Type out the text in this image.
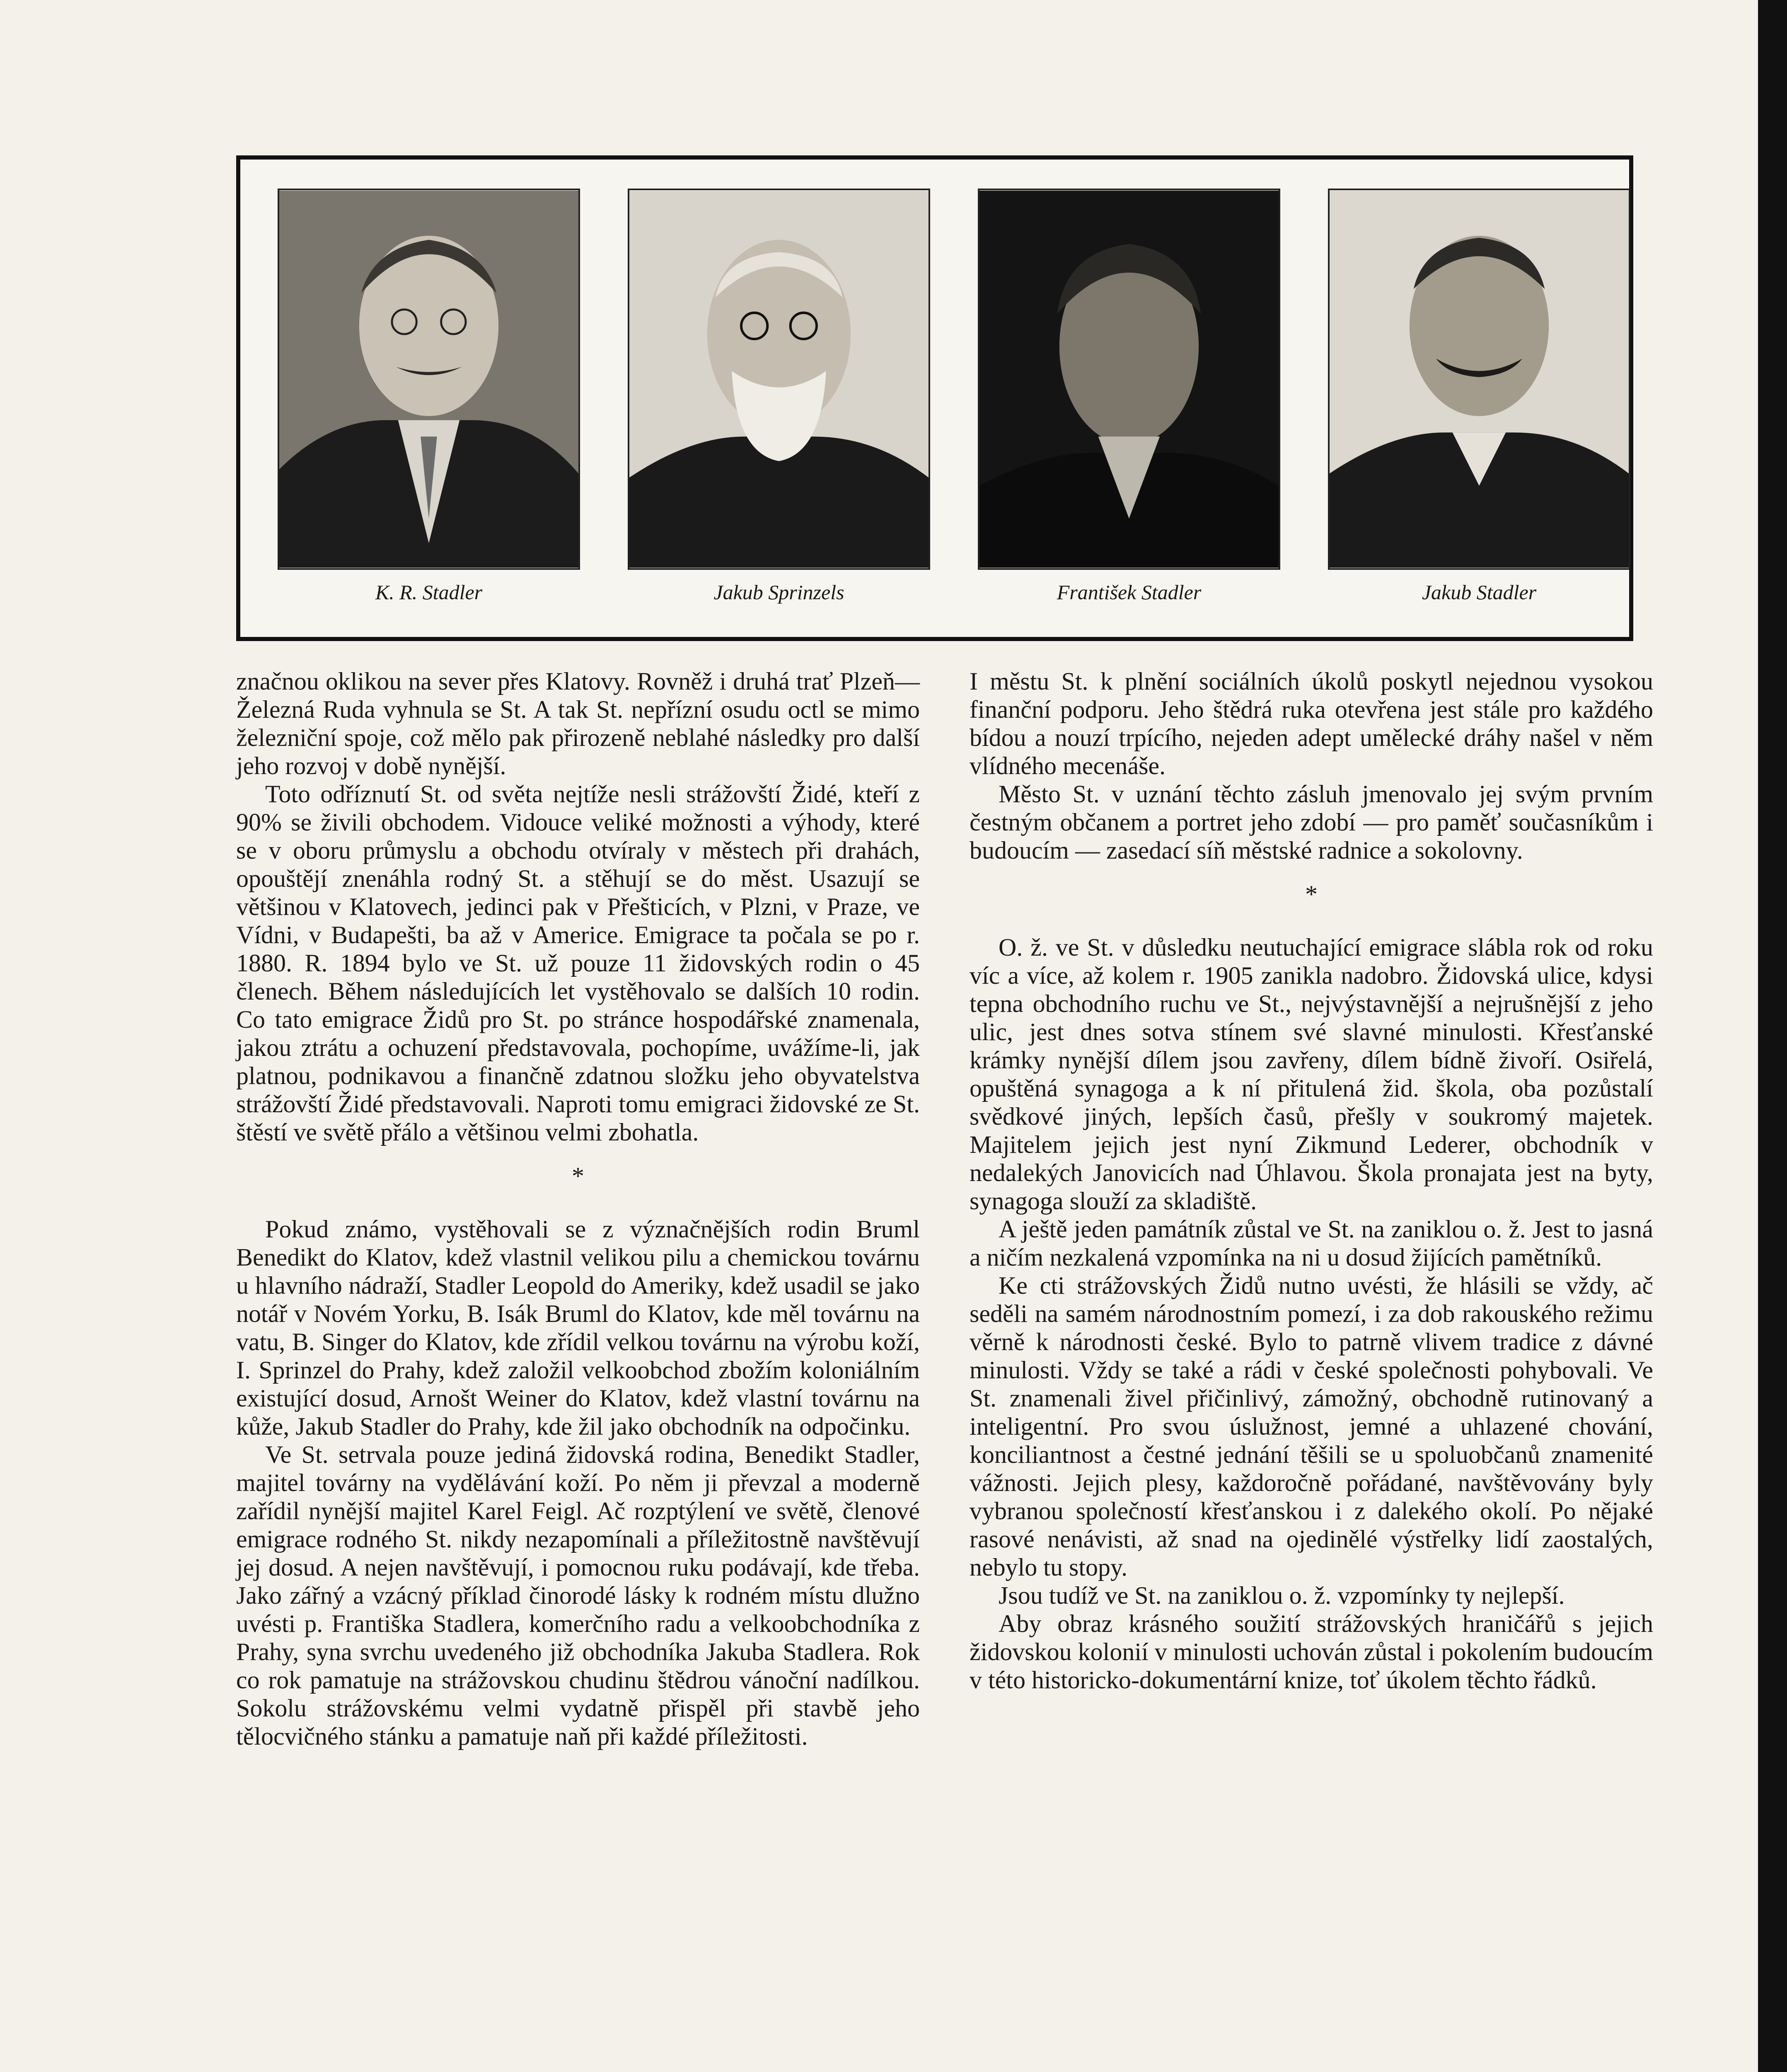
K. R. Stadler	Jakub Sprinzels	František Stadler	Jakub Stadler

značnou oklikou na sever přes Klatovy. Rovněž i druhá trať Plzeň—Železná Ruda vyhnula se St. A tak St. nepřízní osudu octl se mimo železniční spoje, což mělo pak přirozeně neblahé následky pro další jeho rozvoj v době nynější.

Toto odříznutí St. od světa nejtíže nesli strážovští Židé, kteří z 90% se živili obchodem. Vidouce veliké možnosti a výhody, které se v oboru průmyslu a obchodu otvíraly v městech při drahách, opouštějí znenáhla rodný St. a stěhují se do měst. Usazují se většinou v Klatovech, jedinci pak v Přešticích, v Plzni, v Praze, ve Vídni, v Budapešti, ba až v Americe. Emigrace ta počala se po r. 1880. R. 1894 bylo ve St. už pouze 11 židovských rodin o 45 členech. Během následujících let vystěhovalo se dalších 10 rodin. Co tato emigrace Židů pro St. po stránce hospodářské znamenala, jakou ztrátu a ochuzení představovala, pochopíme, uvážíme-li, jak platnou, podnikavou a finančně zdatnou složku jeho obyvatelstva strážovští Židé představovali. Naproti tomu emigraci židovské ze St. štěstí ve světě přálo a většinou velmi zbohatla.

*

Pokud známo, vystěhovali se z význačnějších rodin Bruml Benedikt do Klatov, kdež vlastnil velikou pilu a chemickou továrnu u hlavního nádraží, Stadler Leopold do Ameriky, kdež usadil se jako notář v Novém Yorku, B. Isák Bruml do Klatov, kde měl továrnu na vatu, B. Singer do Klatov, kde zřídil velkou továrnu na výrobu koží, I. Sprinzel do Prahy, kdež založil velkoobchod zbožím koloniálním existující dosud, Arnošt Weiner do Klatov, kdež vlastní továrnu na kůže, Jakub Stadler do Prahy, kde žil jako obchodník na odpočinku.

Ve St. setrvala pouze jediná židovská rodina, Benedikt Stadler, majitel továrny na vydělávání koží. Po něm ji převzal a moderně zařídil nynější majitel Karel Feigl. Ač rozptýlení ve světě, členové emigrace rodného St. nikdy nezapomínali a příležitostně navštěvují jej dosud. A nejen navštěvují, i pomocnou ruku podávají, kde třeba. Jako zářný a vzácný příklad činorodé lásky k rodném místu dlužno uvésti p. Františka Stadlera, komerčního radu a velkoobchodníka z Prahy, syna svrchu uvedeného již obchodníka Jakuba Stadlera. Rok co rok pamatuje na strážovskou chudinu štědrou vánoční nadílkou. Sokolu strážovskému velmi vydatně přispěl při stavbě jeho tělocvičného stánku a pamatuje naň při každé příležitosti.

I městu St. k plnění sociálních úkolů poskytl nejednou vysokou finanční podporu. Jeho štědrá ruka otevřena jest stále pro každého bídou a nouzí trpícího, nejeden adept umělecké dráhy našel v něm vlídného mecenáše.

Město St. v uznání těchto zásluh jmenovalo jej svým prvním čestným občanem a portret jeho zdobí — pro paměť současníkům i budoucím — zasedací síň městské radnice a sokolovny.

*

O. ž. ve St. v důsledku neutuchající emigrace slábla rok od roku víc a více, až kolem r. 1905 zanikla nadobro. Židovská ulice, kdysi tepna obchodního ruchu ve St., nejvýstavnější a nejrušnější z jeho ulic, jest dnes sotva stínem své slavné minulosti. Křesťanské krámky nynější dílem jsou zavřeny, dílem bídně živoří. Osiřelá, opuštěná synagoga a k ní přitulená žid. škola, oba pozůstalí svědkové jiných, lepších časů, přešly v soukromý majetek. Majitelem jejich jest nyní Zikmund Lederer, obchodník v nedalekých Janovicích nad Úhlavou. Škola pronajata jest na byty, synagoga slouží za skladiště.

A ještě jeden památník zůstal ve St. na zaniklou o. ž. Jest to jasná a ničím nezkalená vzpomínka na ni u dosud žijících pamětníků.

Ke cti strážovských Židů nutno uvésti, že hlásili se vždy, ač seděli na samém národnostním pomezí, i za dob rakouského režimu věrně k národnosti české. Bylo to patrně vlivem tradice z dávné minulosti. Vždy se také a rádi v české společnosti pohybovali. Ve St. znamenali živel přičinlivý, zámožný, obchodně rutinovaný a inteligentní. Pro svou úslužnost, jemné a uhlazené chování, konciliantnost a čestné jednání těšili se u spoluobčanů znamenité vážnosti. Jejich plesy, každoročně pořádané, navštěvovány byly vybranou společností křesťanskou i z dalekého okolí. Po nějaké rasové nenávisti, až snad na ojedinělé výstřelky lidí zaostalých, nebylo tu stopy.

Jsou tudíž ve St. na zaniklou o. ž. vzpomínky ty nejlepší.

Aby obraz krásného soužití strážovských hraničářů s jejich židovskou kolonií v minulosti uchován zůstal i pokolením budoucím v této historicko-dokumentární knize, toť úkolem těchto řádků.
